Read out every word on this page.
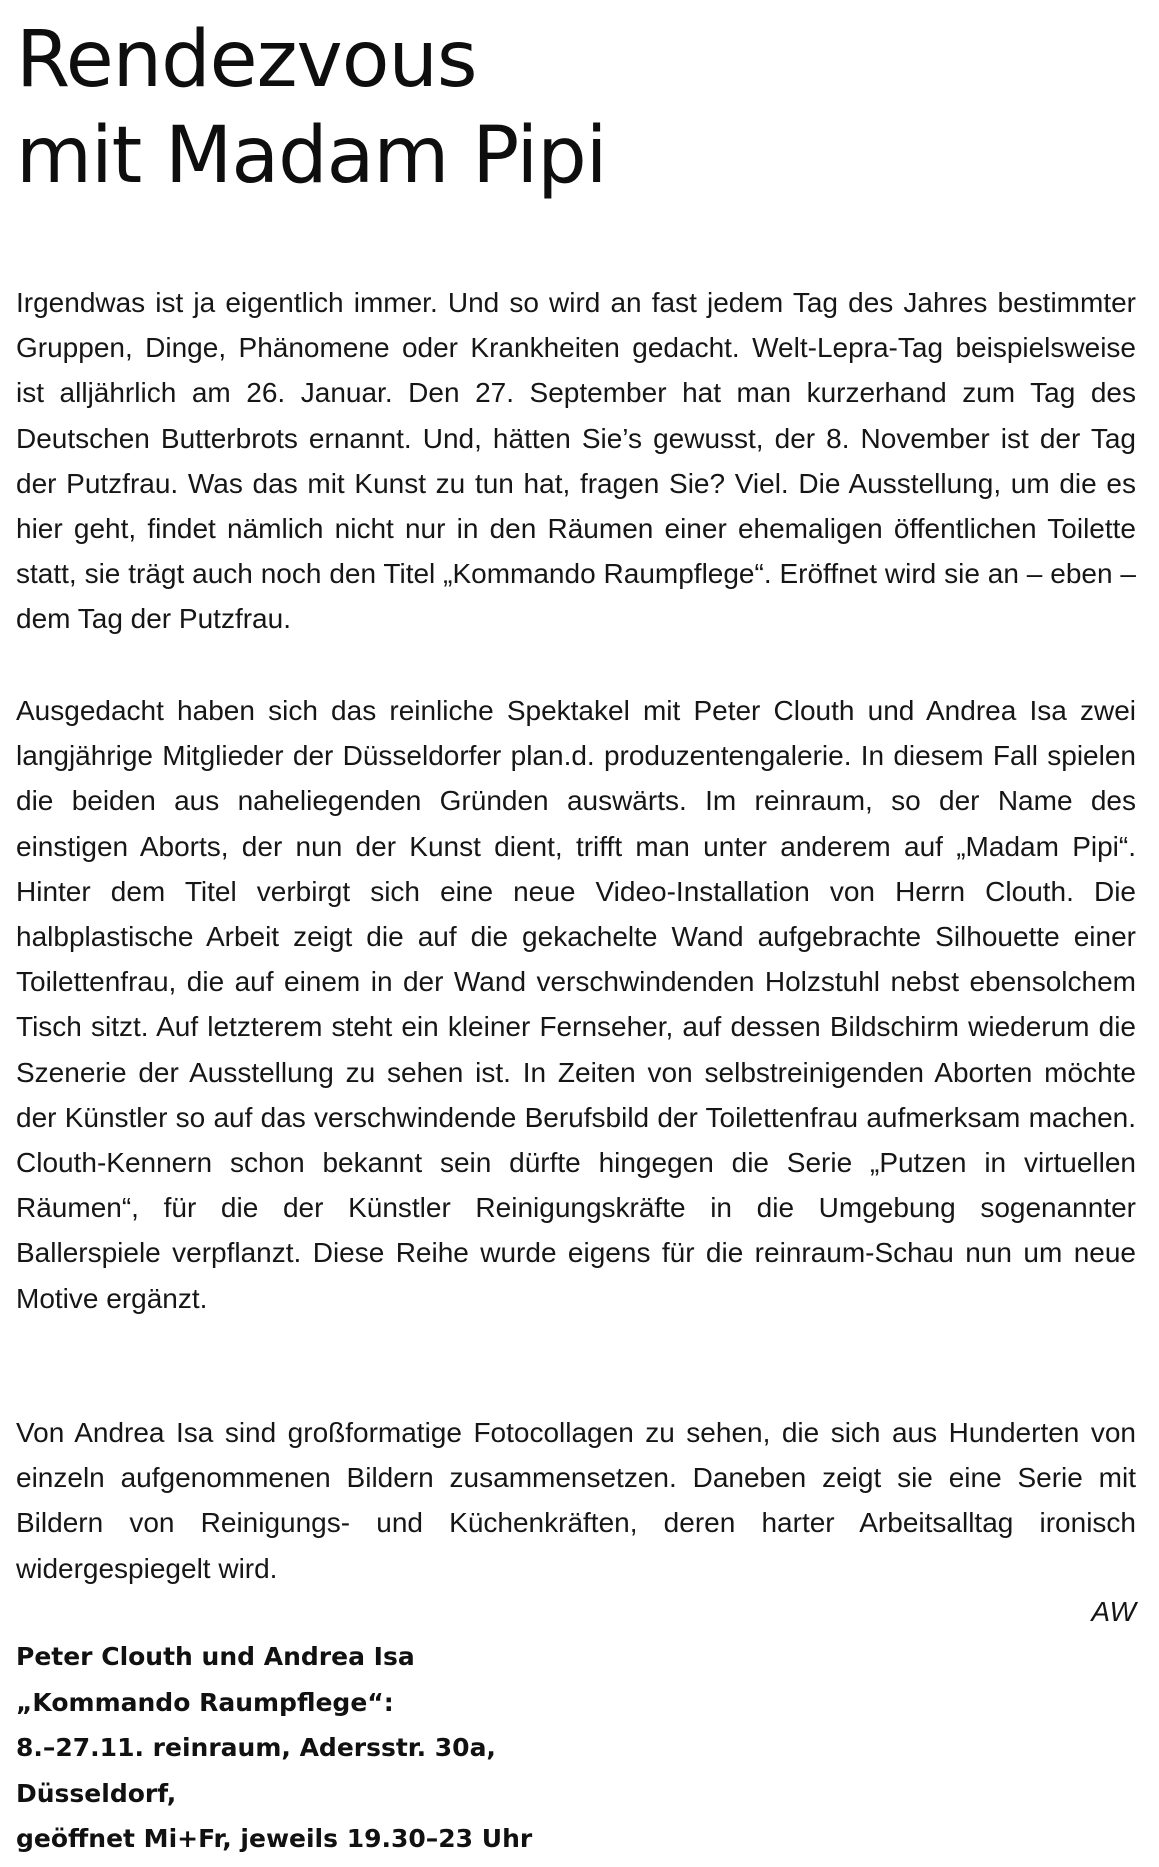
Rendezvous
mit Madam Pipi

Irgendwas ist ja eigentlich immer. Und so wird an fast jedem Tag des Jahres bestimmter Gruppen, Dinge, Phänomene oder Krankheiten gedacht. Welt-Lepra-Tag beispielsweise ist alljährlich am 26. Januar. Den 27. September hat man kurzerhand zum Tag des Deutschen Butterbrots ernannt. Und, hätten Sie’s gewusst, der 8. November ist der Tag der Putzfrau. Was das mit Kunst zu tun hat, fragen Sie? Viel. Die Ausstellung, um die es hier geht, findet nämlich nicht nur in den Räumen einer ehemaligen öffentlichen Toilette statt, sie trägt auch noch den Titel „Kommando Raumpflege“. Eröffnet wird sie an – eben – dem Tag der Putzfrau.

Ausgedacht haben sich das reinliche Spektakel mit Peter Clouth und Andrea Isa zwei langjährige Mitglieder der Düsseldorfer plan.d. produzentengalerie. In diesem Fall spielen die beiden aus naheliegenden Gründen auswärts. Im reinraum, so der Name des einstigen Aborts, der nun der Kunst dient, trifft man unter anderem auf „Madam Pipi“. Hinter dem Titel verbirgt sich eine neue Video-Installation von Herrn Clouth. Die halbplastische Arbeit zeigt die auf die gekachelte Wand aufgebrachte Silhouette einer Toilettenfrau, die auf einem in der Wand verschwindenden Holzstuhl nebst ebensolchem Tisch sitzt. Auf letzterem steht ein kleiner Fernseher, auf dessen Bildschirm wiederum die Szenerie der Ausstellung zu sehen ist. In Zeiten von selbstreinigenden Aborten möchte der Künstler so auf das verschwindende Berufsbild der Toilettenfrau aufmerksam machen. Clouth-Kennern schon bekannt sein dürfte hingegen die Serie „Putzen in virtuellen Räumen“, für die der Künstler Reinigungskräfte in die Umgebung sogenannter Ballerspiele verpflanzt. Diese Reihe wurde eigens für die reinraum-Schau nun um neue Motive ergänzt.

Von Andrea Isa sind großformatige Fotocollagen zu sehen, die sich aus Hunderten von einzeln aufgenommenen Bildern zusammensetzen. Daneben zeigt sie eine Serie mit Bildern von Reinigungs- und Küchenkräften, deren harter Arbeitsalltag ironisch widergespiegelt wird.

AW
Peter Clouth und Andrea Isa
„Kommando Raumpflege“:
8.–27.11. reinraum, Adersstr. 30a,
Düsseldorf,
geöffnet Mi+Fr, jeweils 19.30–23 Uhr
